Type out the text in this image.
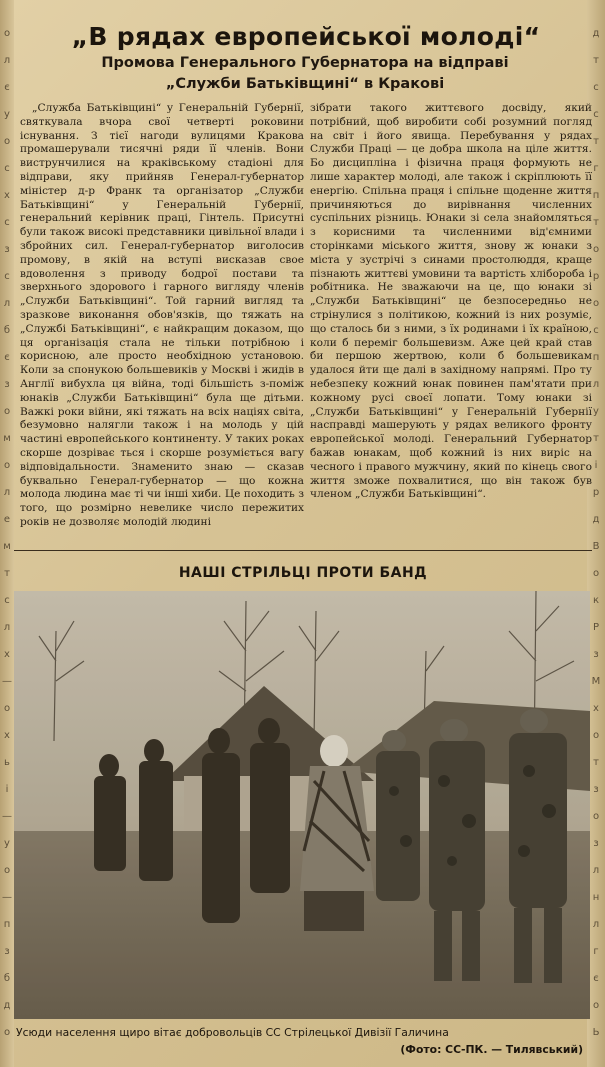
о
л
є
у
о
с
х
с
з
с
л
б
є
з
о
м
о
л
е
м
т
с
л
х
—
о
х
ь
і
—
у
о
—
п
з
б
д
о
д
т
с
с
т
г
п
т
о
р
о
с
п
л
у
т
і
р
д
В
о
к
Р
з
М
х
о
т
з
о
з
л
н
л
г
є
о
Ь
„В рядах европейської молоді“
Промова Генерального Губернатора на відправі
„Служби Батьківщині“ в Кракові

„Служба Батьківщині“ у Генеральній Губернії, святкувала вчора свої четверті роковини існування. З тієї нагоди вулицями Кракова промашерували тисячні ряди її членів. Вони виструнчилися на краківському стадіоні для відправи, яку прийняв Генерал-губернатор міністер д-р Франк та організатор „Служби Батьківщині“ у Генеральній Губернії, генеральний керівник праці, Гінтель. Присутні були також високі представники цивільної влади і збройних сил. Генерал-губернатор виголосив промову, в якій на вступі висказав свое вдоволення з приводу бодрої постави та зверхнього здорового і гарного вигляду членів „Служби Батьківщині“. Той гарний вигляд та зразкове виконання обов'язків, що тяжать на „Службі Батьківщині“, є найкращим доказом, що ця організація стала не тільки потрібною і корисною, але просто необхідною установою. Коли за спонукою большевиків у Москві і жидів в Англії вибухла ця війна, тоді більшість з-поміж юнаків „Служби Батьківщині“ була ще дітьми. Важкі роки війни, які тяжать на всіх націях світа, безумовно налягли також і на молодь у цій частині европейського континенту. У таких роках скорше дозріває ться і скорше розуміється вагу відповідальности. Знаменито знаю — сказав буквально Генерал-губернатор — що кожна молода людина має ті чи інші хиби. Це походить з того, що розмірно невелике число пережитих років не дозволяє молодій людині

зібрати такого життєвого досвіду, який потрібний, щоб виробити собі розумний погляд на світ і його явища. Перебування у рядах Служби Праці — це добра школа на ціле життя. Бо дисципліна і фізична праця формують не лише характер молоді, але також і скріплюють її енергію. Спільна праця і спільне щоденне життя причиняються до вирівнання численних суспільних різниць. Юнаки зі села знайомляться з корисними та численними від'ємними сторінками міського життя, знову ж юнаки з міста у зустрічі з синами простолюддя, краще пізнають життєві умовини та вартість хлібороба і робітника. Не зважаючи на це, що юнаки зі „Служби Батьківщині“ це безпосередньо не стрінулися з політикою, кожний із них розуміє, що сталось би з ними, з їх родинами і їх країною, коли б переміг большевизм. Аже цей край став би першою жертвою, коли б большевикам удалося йти ще далі в західному напрямі. Про ту небезпеку кожний юнак повинен пам'ятати при кожному русі своєї лопати. Тому юнаки зі „Служби Батьківщині“ у Генеральній Губернії насправді машерують у рядах великого фронту европейської молоді. Генеральний Губернатор бажав юнакам, щоб кожний із них виріс на чесного і правого мужчину, який по кінець свого життя зможе похвалитися, що він також був членом „Служби Батьківщині“.

НАШІ СТРІЛЬЦІ ПРОТИ БАНД
Усюди населення щиро вітає добровольців СС Стрілецької Дивізії Галичина
(Фото: СС-ПК. — Тилявський)
